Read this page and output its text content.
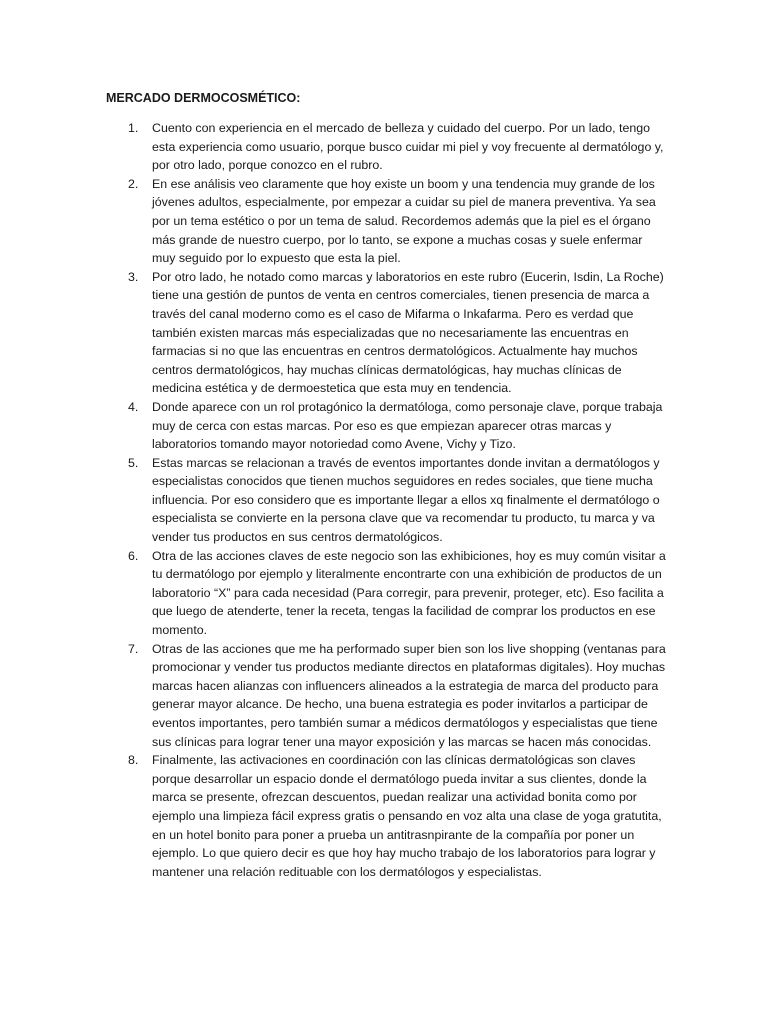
MERCADO DERMOCOSMÉTICO:
1. Cuento con experiencia en el mercado de belleza y cuidado del cuerpo. Por un lado, tengo esta experiencia como usuario, porque busco cuidar mi piel y voy frecuente al dermatólogo y, por otro lado, porque conozco en el rubro.
2. En ese análisis veo claramente que hoy existe un boom y una tendencia muy grande de los jóvenes adultos, especialmente, por empezar a cuidar su piel de manera preventiva. Ya sea por un tema estético o por un tema de salud. Recordemos además que la piel es el órgano más grande de nuestro cuerpo, por lo tanto, se expone a muchas cosas y suele enfermar muy seguido por lo expuesto que esta la piel.
3. Por otro lado, he notado como marcas y laboratorios en este rubro (Eucerin, Isdin, La Roche) tiene una gestión de puntos de venta en centros comerciales, tienen presencia de marca a través del canal moderno como es el caso de Mifarma o Inkafarma. Pero es verdad que también existen marcas más especializadas que no necesariamente las encuentras en farmacias si no que las encuentras en centros dermatológicos. Actualmente hay muchos centros dermatológicos, hay muchas clínicas dermatológicas, hay muchas clínicas de medicina estética y de dermoestetica que esta muy en tendencia.
4. Donde aparece con un rol protagónico la dermatóloga, como personaje clave, porque trabaja muy de cerca con estas marcas. Por eso es que empiezan aparecer otras marcas y laboratorios tomando mayor notoriedad como Avene, Vichy y Tizo.
5. Estas marcas se relacionan a través de eventos importantes donde invitan a dermatólogos y especialistas conocidos que tienen muchos seguidores en redes sociales, que tiene mucha influencia. Por eso considero que es importante llegar a ellos xq finalmente el dermatólogo o especialista se convierte en la persona clave que va recomendar tu producto, tu marca y va vender tus productos en sus centros dermatológicos.
6. Otra de las acciones claves de este negocio son las exhibiciones, hoy es muy común visitar a tu dermatólogo por ejemplo y literalmente encontrarte con una exhibición de productos de un laboratorio “X” para cada necesidad (Para corregir, para prevenir, proteger, etc). Eso facilita a que luego de atenderte, tener la receta, tengas la facilidad de comprar los productos en ese momento.
7. Otras de las acciones que me ha performado super bien son los live shopping (ventanas para promocionar y vender tus productos mediante directos en plataformas digitales). Hoy muchas marcas hacen alianzas con influencers alineados a la estrategia de marca del producto para generar mayor alcance. De hecho, una buena estrategia es poder invitarlos a participar de eventos importantes, pero también sumar a médicos dermatólogos y especialistas que tiene sus clínicas para lograr tener una mayor exposición y las marcas se hacen más conocidas.
8. Finalmente, las activaciones en coordinación con las clínicas dermatológicas son claves porque desarrollar un espacio donde el dermatólogo pueda invitar a sus clientes, donde la marca se presente, ofrezcan descuentos, puedan realizar una actividad bonita como por ejemplo una limpieza fácil express gratis o pensando en voz alta una clase de yoga gratutita, en un hotel bonito para poner a prueba un antitrasnpirante de la compañía por poner un ejemplo. Lo que quiero decir es que hoy hay mucho trabajo de los laboratorios para lograr y mantener una relación redituable con los dermatólogos y especialistas.
